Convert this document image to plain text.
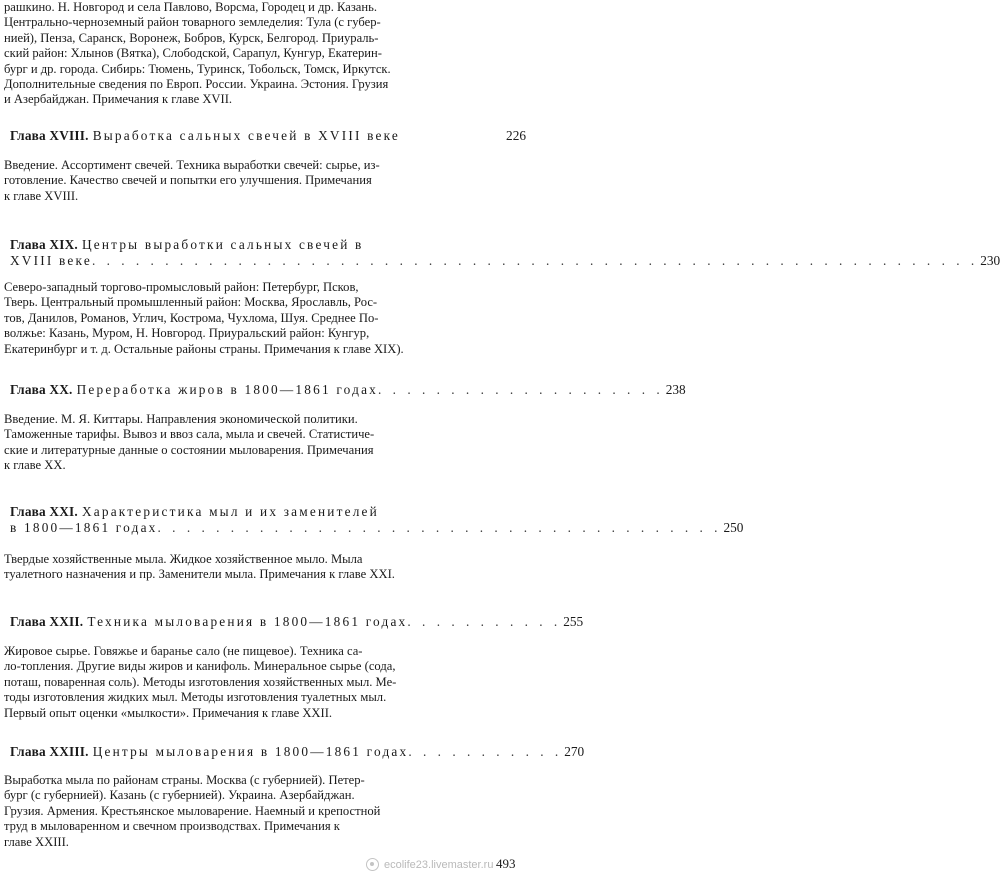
рашкино. Н. Новгород и села Павлово, Ворсма, Городец и др. Казань.
Центрально-черноземный район товарного земледелия: Тула (с губер-
нией), Пенза, Саранск, Воронеж, Бобров, Курск, Белгород. Приураль-
ский район: Хлынов (Вятка), Слободской, Сарапул, Кунгур, Екатерин-
бург и др. города. Сибирь: Тюмень, Туринск, Тобольск, Томск, Иркутск.
Дополнительные сведения по Европ. России. Украина. Эстония. Грузия
и Азербайджан. Примечания к главе XVII.
Глава XVIII. Выработка сальных свечей в XVIII веке	226
Введение. Ассортимент свечей. Техника выработки свечей: сырье, из-
готовление. Качество свечей и попытки его улучшения. Примечания
к главе XVIII.
Глава XIX. Центры выработки сальных свечей в
XVIII веке . . . . . . . . . . . . . . . . . . . . . . . . . . . . . . . . . . . . . . . . . . . . . . . . . . . . . . . . . . . . . 230
Северо-западный торгово-промысловый район: Петербург, Псков,
Тверь. Центральный промышленный район: Москва, Ярославль, Рос-
тов, Данилов, Романов, Углич, Кострома, Чухлома, Шуя. Среднее По-
волжье: Казань, Муром, Н. Новгород. Приуральский район: Кунгур,
Екатеринбург и т. д. Остальные районы страны. Примечания к главе XIX).
Глава XX. Переработка жиров в 1800—1861 годах . . . . . . . . . . . . . . . . . . . . 238
Введение. М. Я. Киттары. Направления экономической политики.
Таможенные тарифы. Вывоз и ввоз сала, мыла и свечей. Статистиче-
ские и литературные данные о состоянии мыловарения. Примечания
к главе XX.
Глава XXI. Характеристика мыл и их заменителей
в 1800—1861 годах . . . . . . . . . . . . . . . . . . . . . . . . . . . . . . . . . . . . . . . 250
Твердые хозяйственные мыла. Жидкое хозяйственное мыло. Мыла
туалетного назначения и пр. Заменители мыла. Примечания к главе XXI.
Глава XXII. Техника мыловарения в 1800—1861 годах . . . . . . . . . . . 255
Жировое сырье. Говяжье и баранье сало (не пищевое). Техника са-
ло-топления. Другие виды жиров и канифоль. Минеральное сырье (сода,
поташ, поваренная соль). Методы изготовления хозяйственных мыл. Ме-
тоды изготовления жидких мыл. Методы изготовления туалетных мыл.
Первый опыт оценки «мылкости». Примечания к главе XXII.
Глава XXIII. Центры мыловарения в 1800—1861 годах . . . . . . . . . . . 270
Выработка мыла по районам страны. Москва (с губернией). Петер-
бург (с губернией). Казань (с губернией). Украина. Азербайджан.
Грузия. Армения. Крестьянское мыловарение. Наемный и крепостной
труд в мыловаренном и свечном производствах. Примечания к
главе XXIII.
ecolife23.livemaster.ru 493
